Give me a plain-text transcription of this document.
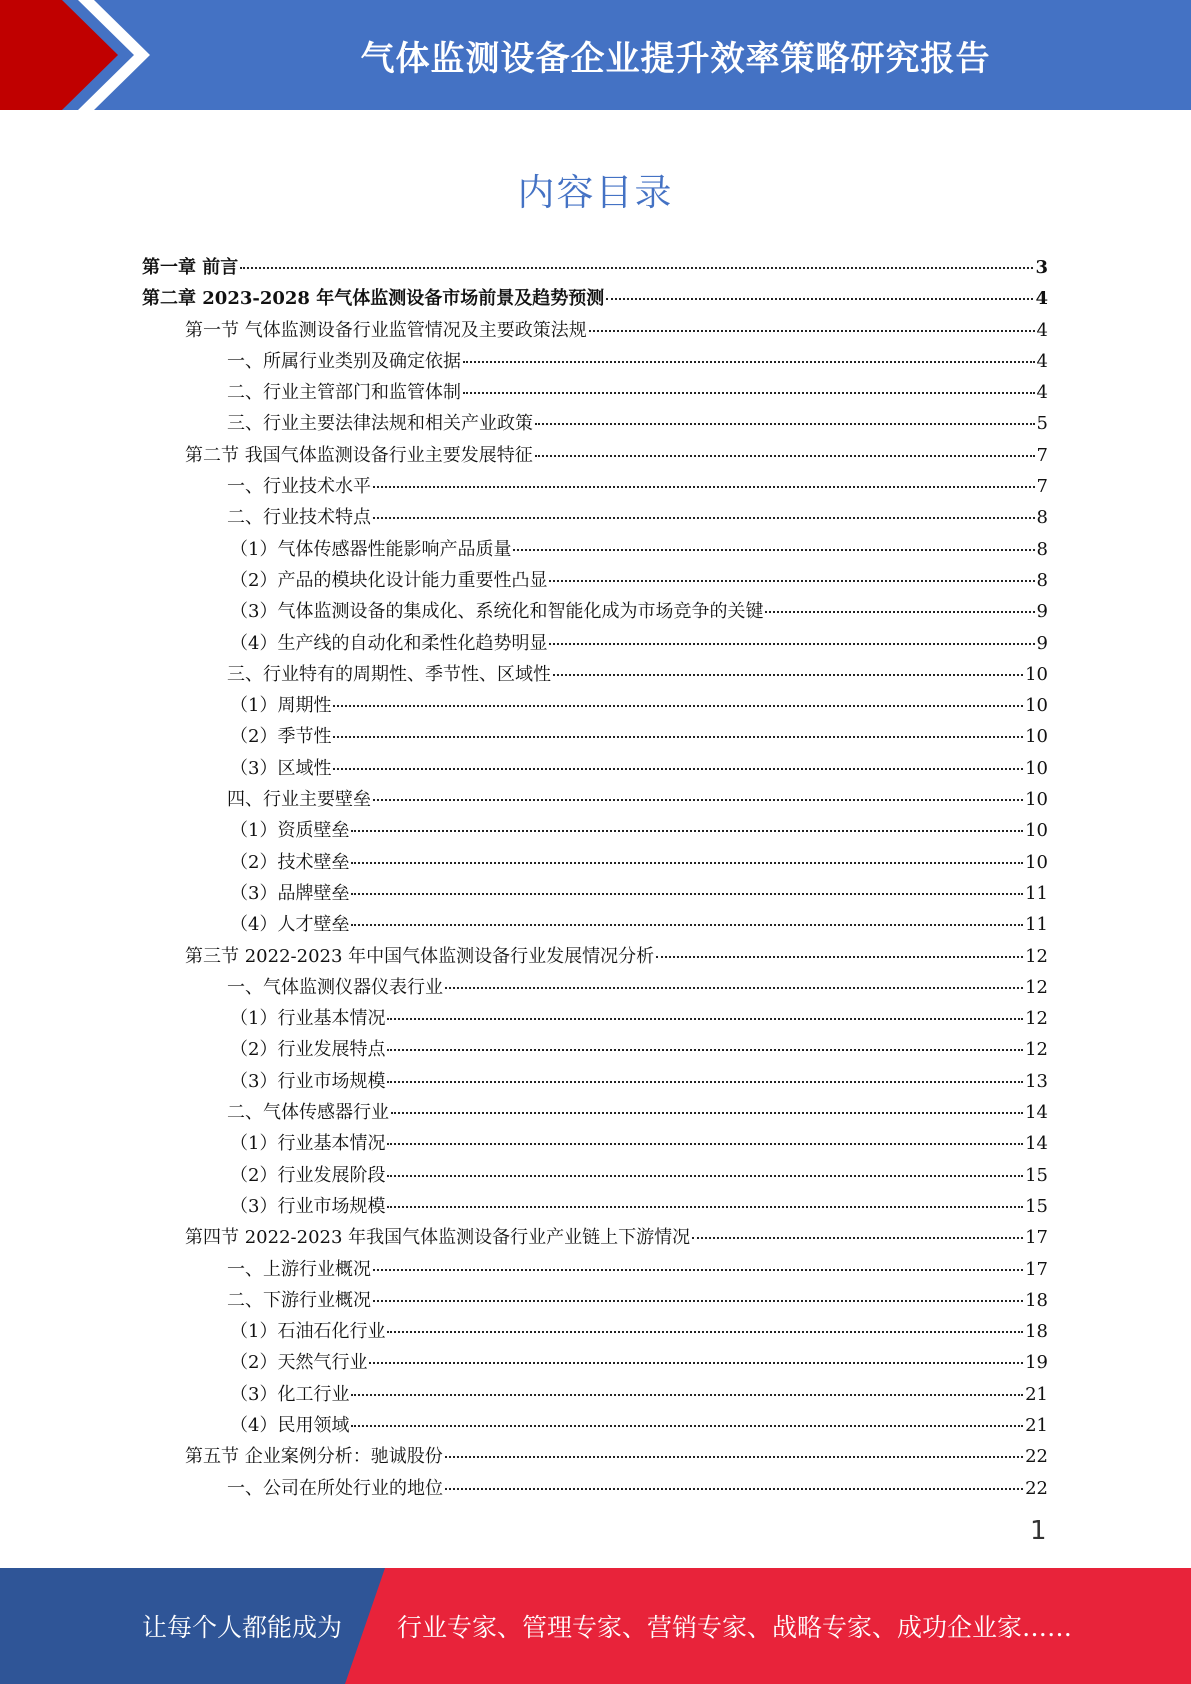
气体监测设备企业提升效率策略研究报告
内容目录
第一章 前言	3
第二章 2023-2028 年气体监测设备市场前景及趋势预测	4
第一节 气体监测设备行业监管情况及主要政策法规	4
一、所属行业类别及确定依据	4
二、行业主管部门和监管体制	4
三、行业主要法律法规和相关产业政策	5
第二节 我国气体监测设备行业主要发展特征	7
一、行业技术水平	7
二、行业技术特点	8
（1）气体传感器性能影响产品质量	8
（2）产品的模块化设计能力重要性凸显	8
（3）气体监测设备的集成化、系统化和智能化成为市场竞争的关键	9
（4）生产线的自动化和柔性化趋势明显	9
三、行业特有的周期性、季节性、区域性	10
（1）周期性	10
（2）季节性	10
（3）区域性	10
四、行业主要壁垒	10
（1）资质壁垒	10
（2）技术壁垒	10
（3）品牌壁垒	11
（4）人才壁垒	11
第三节 2022-2023 年中国气体监测设备行业发展情况分析	12
一、气体监测仪器仪表行业	12
（1）行业基本情况	12
（2）行业发展特点	12
（3）行业市场规模	13
二、气体传感器行业	14
（1）行业基本情况	14
（2）行业发展阶段	15
（3）行业市场规模	15
第四节 2022-2023 年我国气体监测设备行业产业链上下游情况	17
一、上游行业概况	17
二、下游行业概况	18
（1）石油石化行业	18
（2）天然气行业	19
（3）化工行业	21
（4）民用领域	21
第五节 企业案例分析：驰诚股份	22
一、公司在所处行业的地位	22
1
让每个人都能成为 行业专家、管理专家、营销专家、战略专家、成功企业家……
